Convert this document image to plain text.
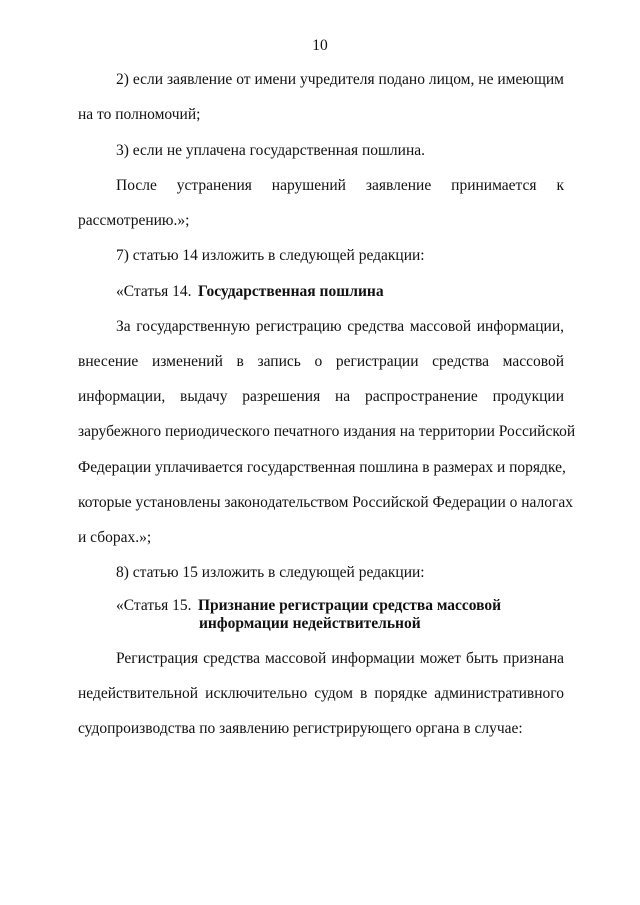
10
2) если заявление от имени учредителя подано лицом, не имеющим
на то полномочий;
3) если не уплачена государственная пошлина.
После устранения нарушений заявление принимается к
рассмотрению.»;
7) статью 14 изложить в следующей редакции:
«Статья 14. Государственная пошлина
За государственную регистрацию средства массовой информации,
внесение изменений в запись о регистрации средства массовой
информации, выдачу разрешения на распространение продукции
зарубежного периодического печатного издания на территории Российской
Федерации уплачивается государственная пошлина в размерах и порядке,
которые установлены законодательством Российской Федерации о налогах
и сборах.»;
8) статью 15 изложить в следующей редакции:
«Статья 15. Признание регистрации средства массовой
информации недействительной
Регистрация средства массовой информации может быть признана
недействительной исключительно судом в порядке административного
судопроизводства по заявлению регистрирующего органа в случае:
